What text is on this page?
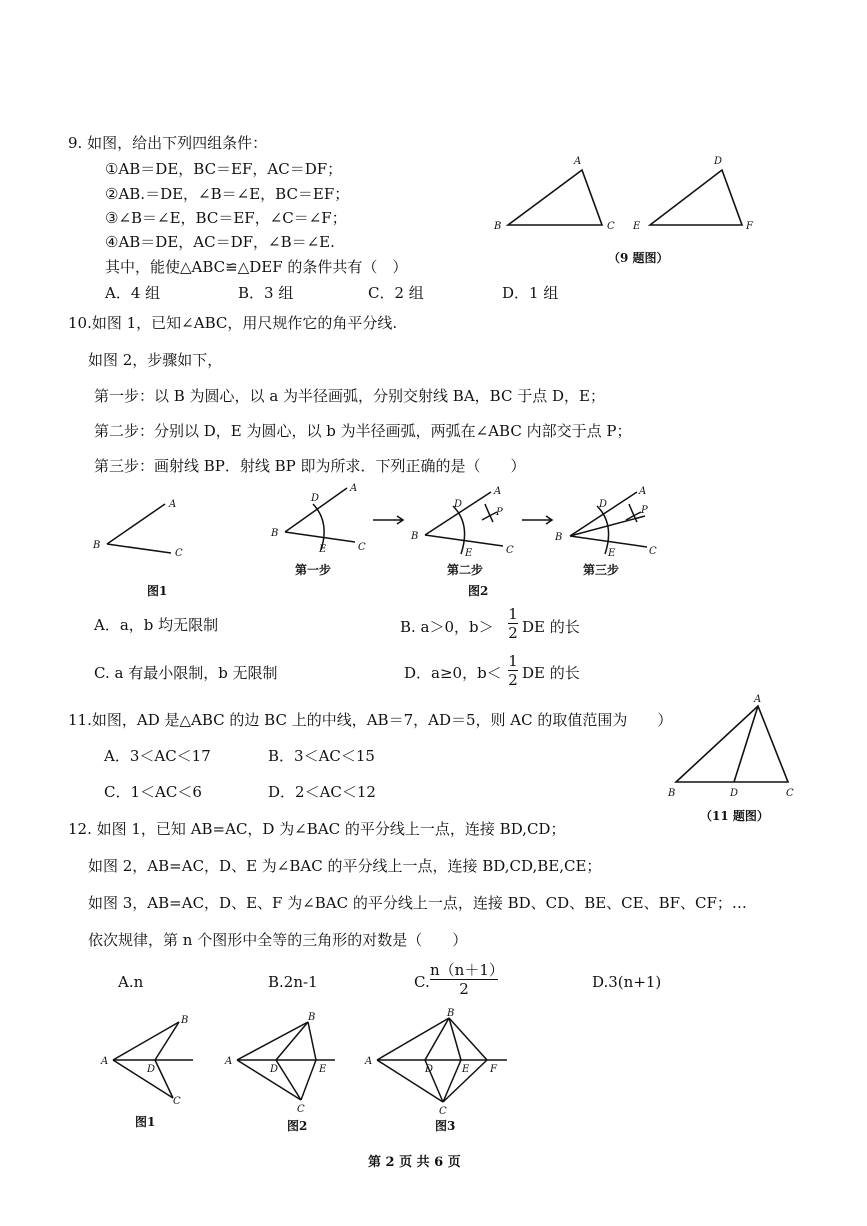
9. 如图，给出下列四组条件：
①AB＝DE，BC＝EF，AC＝DF；
②AB.＝DE，∠B＝∠E，BC＝EF；
③∠B＝∠E，BC＝EF，∠C＝∠F；
④AB＝DE，AC＝DF，∠B＝∠E.
其中，能使△ABC≌△DEF 的条件共有（　）
A．4 组	B．3 组	C．2 组	D．1 组
A
B	C
D
E	F
（9 题图）
10.如图 1，已知∠ABC，用尺规作它的角平分线.
如图 2，步骤如下，
第一步：以 B 为圆心，以 a 为半径画弧，分别交射线 BA，BC 于点 D，E；
第二步：分别以 D，E 为圆心，以 b 为半径画弧，两弧在∠ABC 内部交于点 P；
第三步：画射线 BP．射线 BP 即为所求．下列正确的是（　　）
A
B
C
图1
A
D
B
E	C
第一步
A
D
P
B
E	C
第二步
图2
A
D
P
B
E	C
第三步
A．a，b 均无限制	B. a＞0，b＞
1
2 DE 的长
C. a 有最小限制，b 无限制	D．a≥0，b＜
1
2 DE 的长
11.如图，AD 是△ABC 的边 BC 上的中线，AB＝7，AD＝5，则 AC 的取值范围为　　）
A．3＜AC＜17	B．3＜AC＜15
C．1＜AC＜6	D．2＜AC＜12
A
B	D	C
（11 题图）
12. 如图 1，已知 AB=AC，D 为∠BAC 的平分线上一点，连接 BD,CD；
如图 2，AB=AC，D、E 为∠BAC 的平分线上一点，连接 BD,CD,BE,CE；
如图 3，AB=AC，D、E、F 为∠BAC 的平分线上一点，连接 BD、CD、BE、CE、BF、CF；…
依次规律，第 n 个图形中全等的三角形的对数是（　　）
A.n	B.2n-1	C.
n（n＋1）
2	D.3(n+1)
B
A
D
C
图1
B
A
D	E
C
图2
B
A
D	E F
C
图3
第 2 页 共 6 页
